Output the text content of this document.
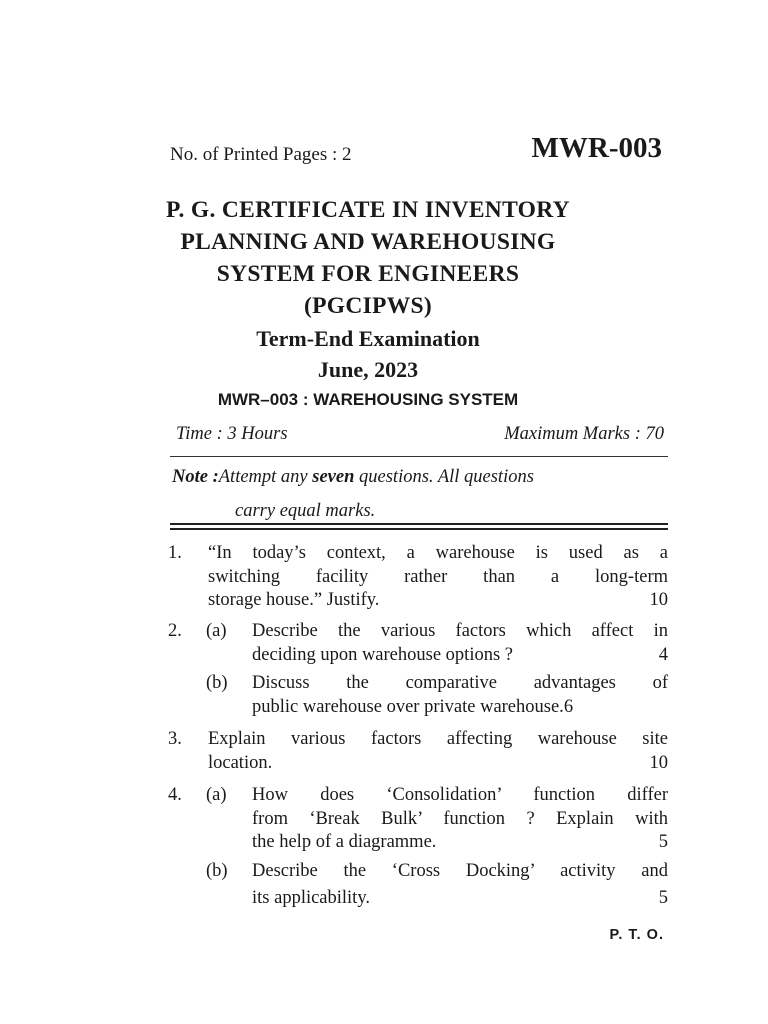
No. of Printed Pages : 2	MWR-003
P. G. CERTIFICATE IN INVENTORY
PLANNING AND WAREHOUSING
SYSTEM FOR ENGINEERS
(PGCIPWS)
Term-End Examination
June, 2023
MWR–003 : WAREHOUSING SYSTEM
Time : 3 Hours	Maximum Marks : 70
Note :Attempt any seven questions. All questions
carry equal marks.
1. “In today’s context, a warehouse is used as a
switching facility rather than a long-term
storage house.” Justify.	10
2. (a) Describe the various factors which affect in
deciding upon warehouse options ?	4
(b) Discuss the comparative advantages of
public warehouse over private warehouse.6
3. Explain various factors affecting warehouse site
location.	10
4. (a) How does ‘Consolidation’ function differ
from ‘Break Bulk’ function ? Explain with
the help of a diagramme.	5
(b) Describe the ‘Cross Docking’ activity and
its applicability.	5
P. T. O.
